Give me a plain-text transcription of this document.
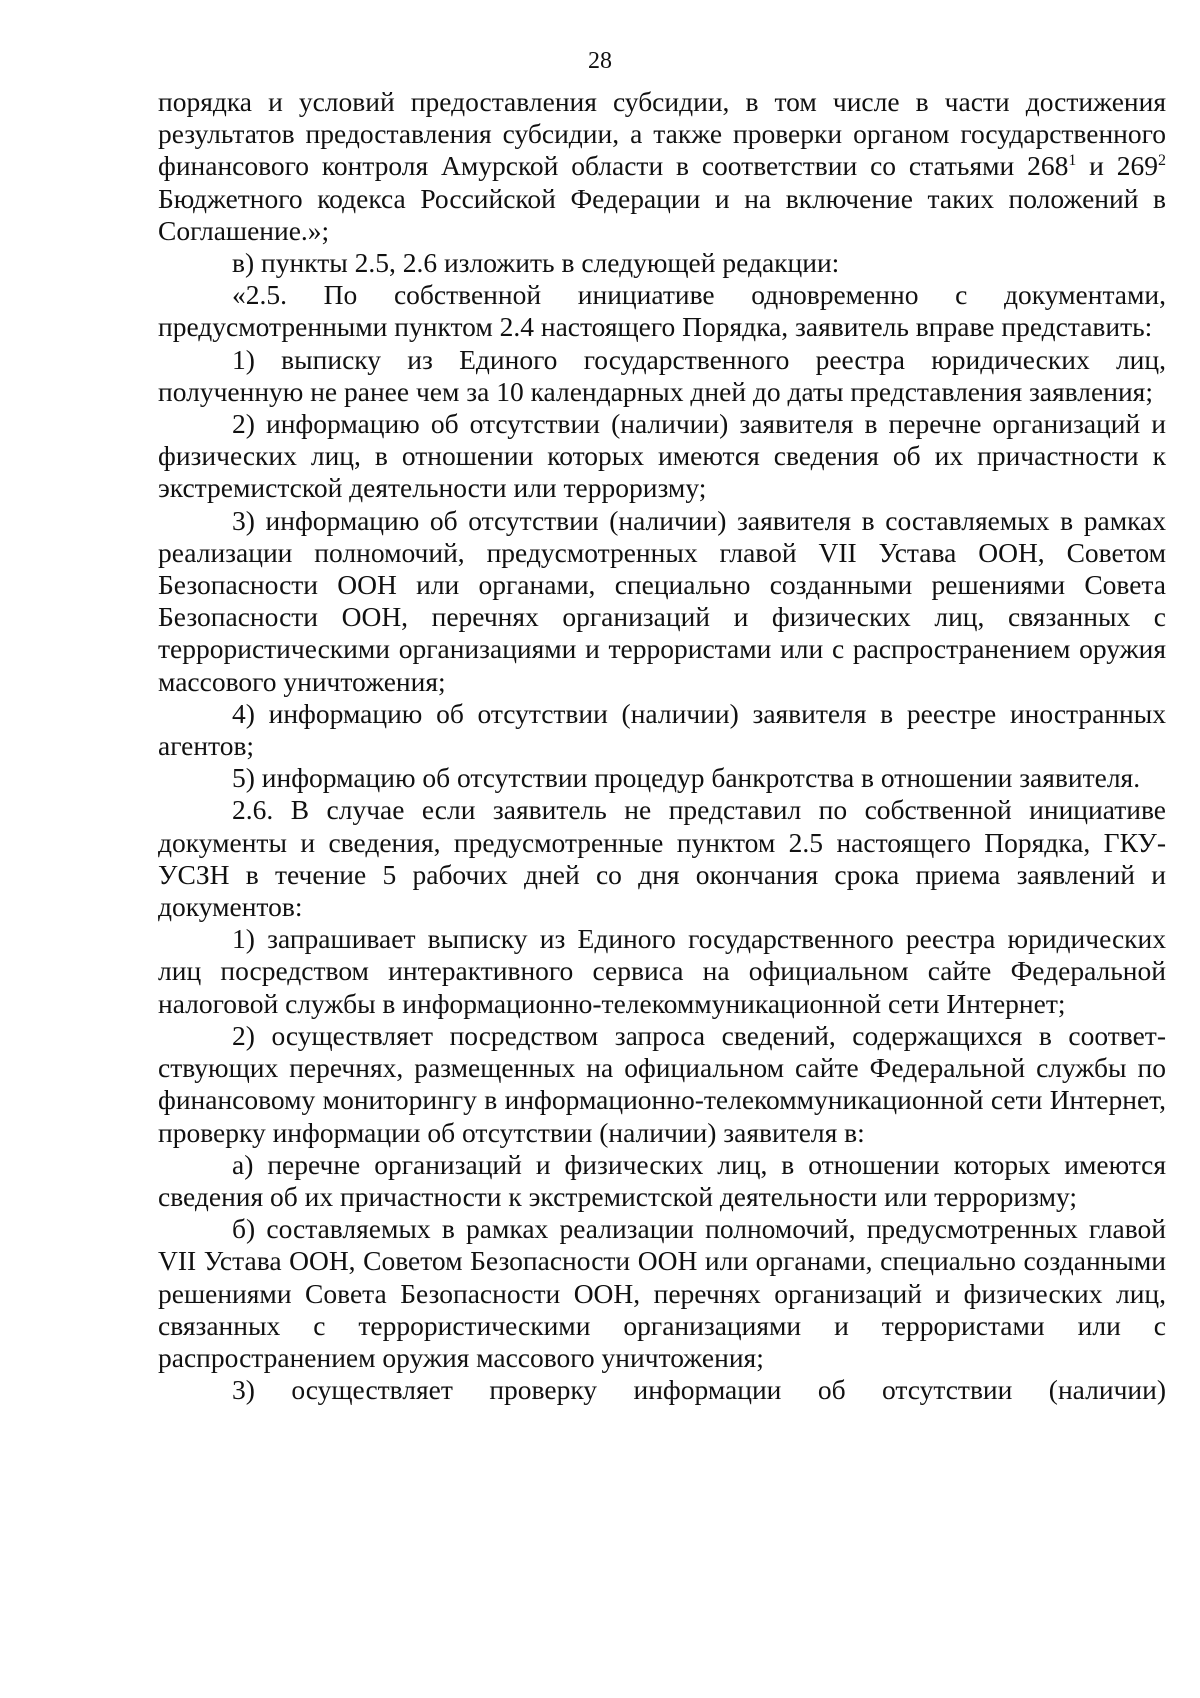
28

порядка и условий предоставления субсидии, в том числе в части достижения результатов предоставления субсидии, а также проверки органом государственного финансового контроля Амурской области в соответствии со статьями $268^1$ и $269^2$ Бюджетного кодекса Российской Федерации и на включение таких положений в Соглашение.»;

в) пункты 2.5, 2.6 изложить в следующей редакции:

«2.5. По собственной инициативе одновременно с документами, предусмотренными пунктом 2.4 настоящего Порядка, заявитель вправе представить:

1) выписку из Единого государственного реестра юридических лиц, полученную не ранее чем за 10 календарных дней до даты представления заявления;

2) информацию об отсутствии (наличии) заявителя в перечне организаций и физических лиц, в отношении которых имеются сведения об их причастности к экстремистской деятельности или терроризму;

3) информацию об отсутствии (наличии) заявителя в составляемых в рамках реализации полномочий, предусмотренных главой VII Устава ООН, Советом Безопасности ООН или органами, специально созданными решениями Совета Безопасности ООН, перечнях организаций и физических лиц, связанных с террористическими организациями и террористами или с распространением оружия массового уничтожения;

4) информацию об отсутствии (наличии) заявителя в реестре иностранных агентов;

5) информацию об отсутствии процедур банкротства в отношении заявителя.

2.6. В случае если заявитель не представил по собственной инициативе документы и сведения, предусмотренные пунктом 2.5 настоящего Порядка, ГКУ-УСЗН в течение 5 рабочих дней со дня окончания срока приема заявлений и документов:

1) запрашивает выписку из Единого государственного реестра юридических лиц посредством интерактивного сервиса на официальном сайте Федеральной налоговой службы в информационно-телекоммуникационной сети Интернет;

2) осуществляет посредством запроса сведений, содержащихся в соответствующих перечнях, размещенных на официальном сайте Федеральной службы по финансовому мониторингу в информационно-телекоммуникационной сети Интернет, проверку информации об отсутствии (наличии) заявителя в:

а) перечне организаций и физических лиц, в отношении которых имеются сведения об их причастности к экстремистской деятельности или терроризму;

б) составляемых в рамках реализации полномочий, предусмотренных главой VII Устава ООН, Советом Безопасности ООН или органами, специально созданными решениями Совета Безопасности ООН, перечнях организаций и физических лиц, связанных с террористическими организациями и террористами или с распространением оружия массового уничтожения;

3) осуществляет проверку информации об отсутствии (наличии)
